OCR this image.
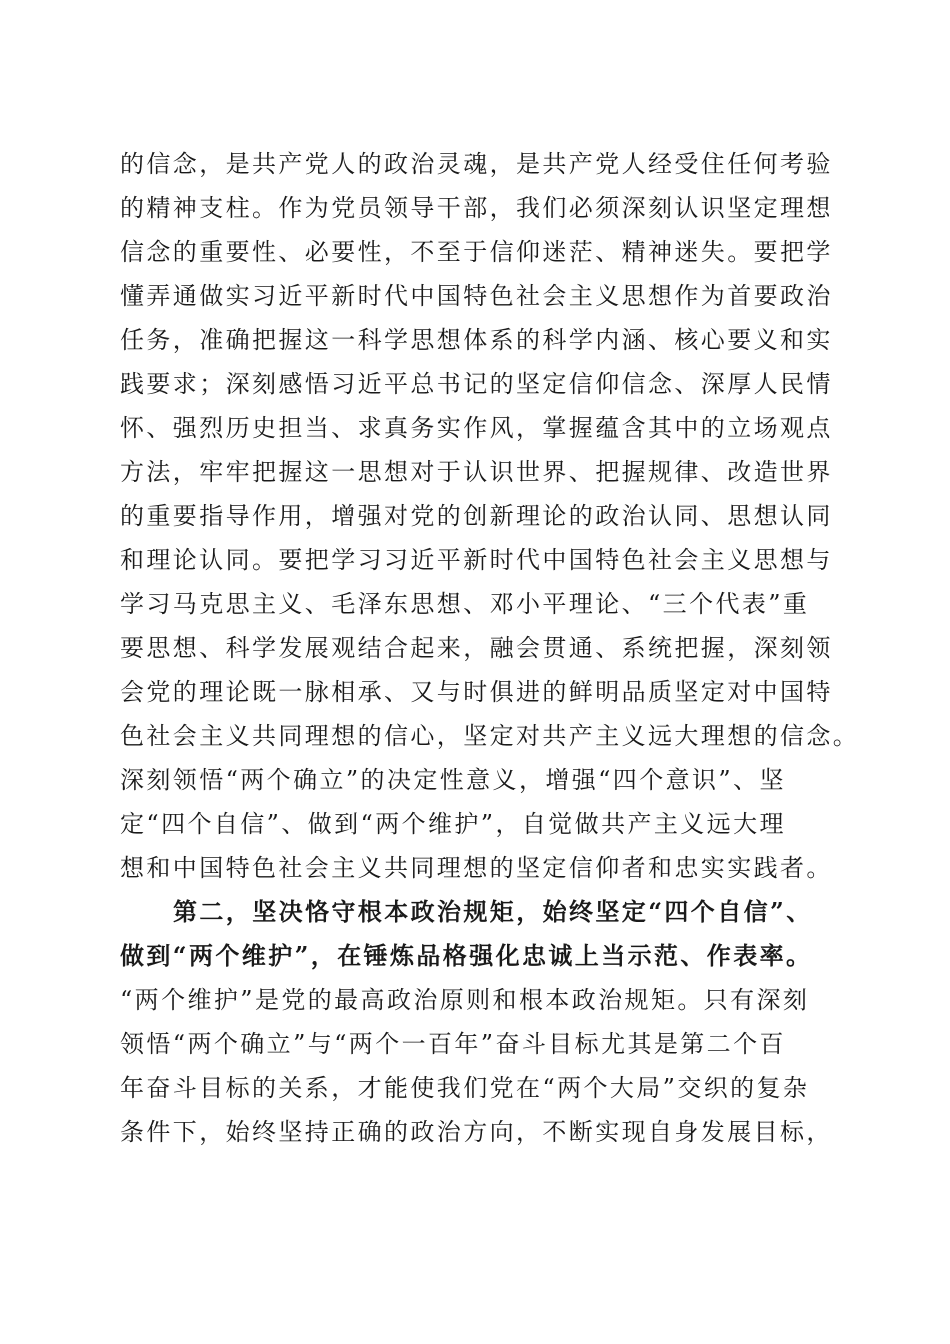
的信念，是共产党人的政治灵魂，是共产党人经受住任何考验
的精神支柱。作为党员领导干部，我们必须深刻认识坚定理想
信念的重要性、必要性，不至于信仰迷茫、精神迷失。要把学
懂弄通做实习近平新时代中国特色社会主义思想作为首要政治
任务，准确把握这一科学思想体系的科学内涵、核心要义和实
践要求；深刻感悟习近平总书记的坚定信仰信念、深厚人民情
怀、强烈历史担当、求真务实作风，掌握蕴含其中的立场观点
方法，牢牢把握这一思想对于认识世界、把握规律、改造世界
的重要指导作用，增强对党的创新理论的政治认同、思想认同
和理论认同。要把学习习近平新时代中国特色社会主义思想与
学习马克思主义、毛泽东思想、邓小平理论、“三个代表”重
要思想、科学发展观结合起来，融会贯通、系统把握，深刻领
会党的理论既一脉相承、又与时俱进的鲜明品质坚定对中国特
色社会主义共同理想的信心，坚定对共产主义远大理想的信念。
深刻领悟“两个确立”的决定性意义，增强“四个意识”、坚
定“四个自信”、做到“两个维护”，自觉做共产主义远大理
想和中国特色社会主义共同理想的坚定信仰者和忠实实践者。
第二，坚决恪守根本政治规矩，始终坚定“四个自信”、
做到“两个维护”，在锤炼品格强化忠诚上当示范、作表率。
“两个维护”是党的最高政治原则和根本政治规矩。只有深刻
领悟“两个确立”与“两个一百年”奋斗目标尤其是第二个百
年奋斗目标的关系，才能使我们党在“两个大局”交织的复杂
条件下，始终坚持正确的政治方向，不断实现自身发展目标，
